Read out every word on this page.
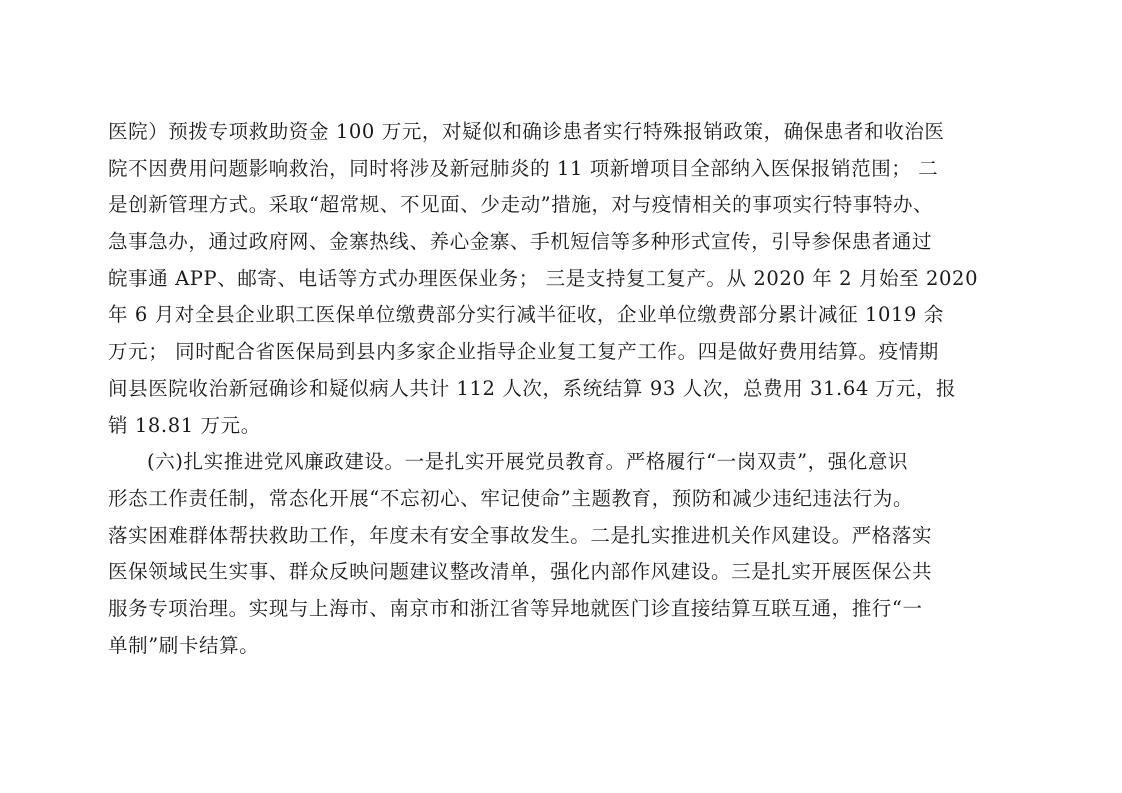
医院）预拨专项救助资金 100 万元，对疑似和确诊患者实行特殊报销政策，确保患者和收治医
院不因费用问题影响救治，同时将涉及新冠肺炎的 11 项新增项目全部纳入医保报销范围； 二
是创新管理方式。采取“超常规、不见面、少走动”措施，对与疫情相关的事项实行特事特办、
急事急办，通过政府网、金寨热线、养心金寨、手机短信等多种形式宣传，引导参保患者通过
皖事通 APP、邮寄、电话等方式办理医保业务； 三是支持复工复产。从 2020 年 2 月始至 2020
年 6 月对全县企业职工医保单位缴费部分实行减半征收，企业单位缴费部分累计减征 1019 余
万元； 同时配合省医保局到县内多家企业指导企业复工复产工作。四是做好费用结算。疫情期
间县医院收治新冠确诊和疑似病人共计 112 人次，系统结算 93 人次，总费用 31.64 万元，报
销 18.81 万元。
(六)扎实推进党风廉政建设。一是扎实开展党员教育。严格履行“一岗双责”，强化意识
形态工作责任制，常态化开展“不忘初心、牢记使命”主题教育，预防和减少违纪违法行为。
落实困难群体帮扶救助工作，年度未有安全事故发生。二是扎实推进机关作风建设。严格落实
医保领域民生实事、群众反映问题建议整改清单，强化内部作风建设。三是扎实开展医保公共
服务专项治理。实现与上海市、南京市和浙江省等异地就医门诊直接结算互联互通，推行“一
单制”刷卡结算。
